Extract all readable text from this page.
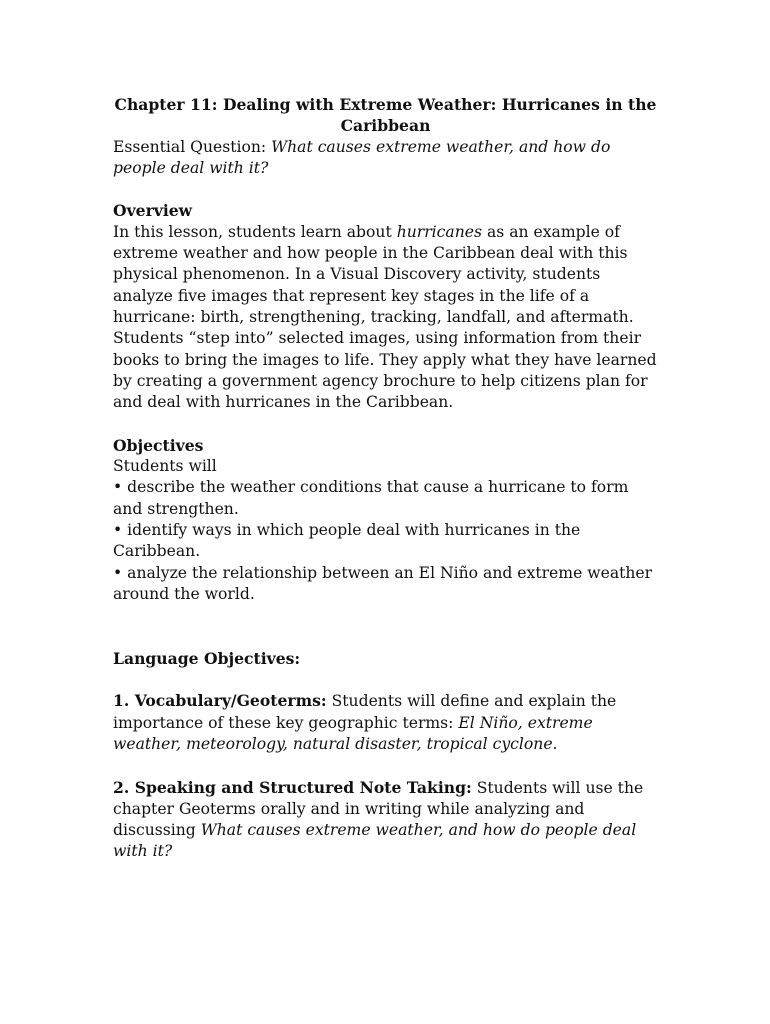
Chapter 11: Dealing with Extreme Weather: Hurricanes in the Caribbean

Essential Question: What causes extreme weather, and how do people deal with it?

Overview

In this lesson, students learn about hurricanes as an example of extreme weather and how people in the Caribbean deal with this physical phenomenon. In a Visual Discovery activity, students analyze five images that represent key stages in the life of a hurricane: birth, strengthening, tracking, landfall, and aftermath. Students “step into” selected images, using information from their books to bring the images to life. They apply what they have learned by creating a government agency brochure to help citizens plan for and deal with hurricanes in the Caribbean.

Objectives

Students will

• describe the weather conditions that cause a hurricane to form and strengthen.

• identify ways in which people deal with hurricanes in the Caribbean.

• analyze the relationship between an El Niño and extreme weather around the world.

Language Objectives:

1. Vocabulary/Geoterms: Students will define and explain the importance of these key geographic terms: El Niño, extreme weather, meteorology, natural disaster, tropical cyclone.

2. Speaking and Structured Note Taking: Students will use the chapter Geoterms orally and in writing while analyzing and discussing What causes extreme weather, and how do people deal with it?
